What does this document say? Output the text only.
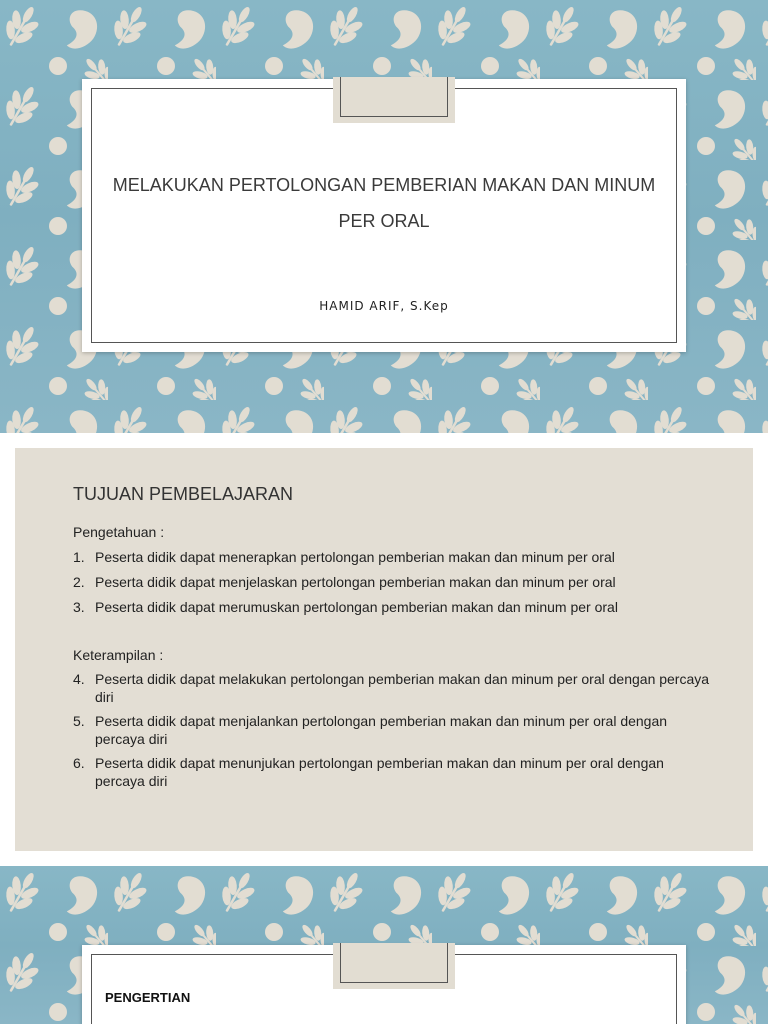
MELAKUKAN PERTOLONGAN PEMBERIAN MAKAN DAN MINUM PER ORAL
HAMID ARIF, S.Kep
TUJUAN PEMBELAJARAN
Pengetahuan :
1. Peserta didik dapat menerapkan pertolongan pemberian makan dan minum per oral
2. Peserta didik dapat menjelaskan pertolongan pemberian makan dan minum per oral
3. Peserta didik dapat merumuskan pertolongan pemberian makan dan minum per oral
Keterampilan :
4. Peserta didik dapat melakukan pertolongan pemberian makan dan minum per oral dengan percaya diri
5. Peserta didik dapat menjalankan pertolongan pemberian makan dan minum per oral dengan percaya diri
6. Peserta didik dapat menunjukan pertolongan pemberian makan dan minum per oral dengan percaya diri
PENGERTIAN
